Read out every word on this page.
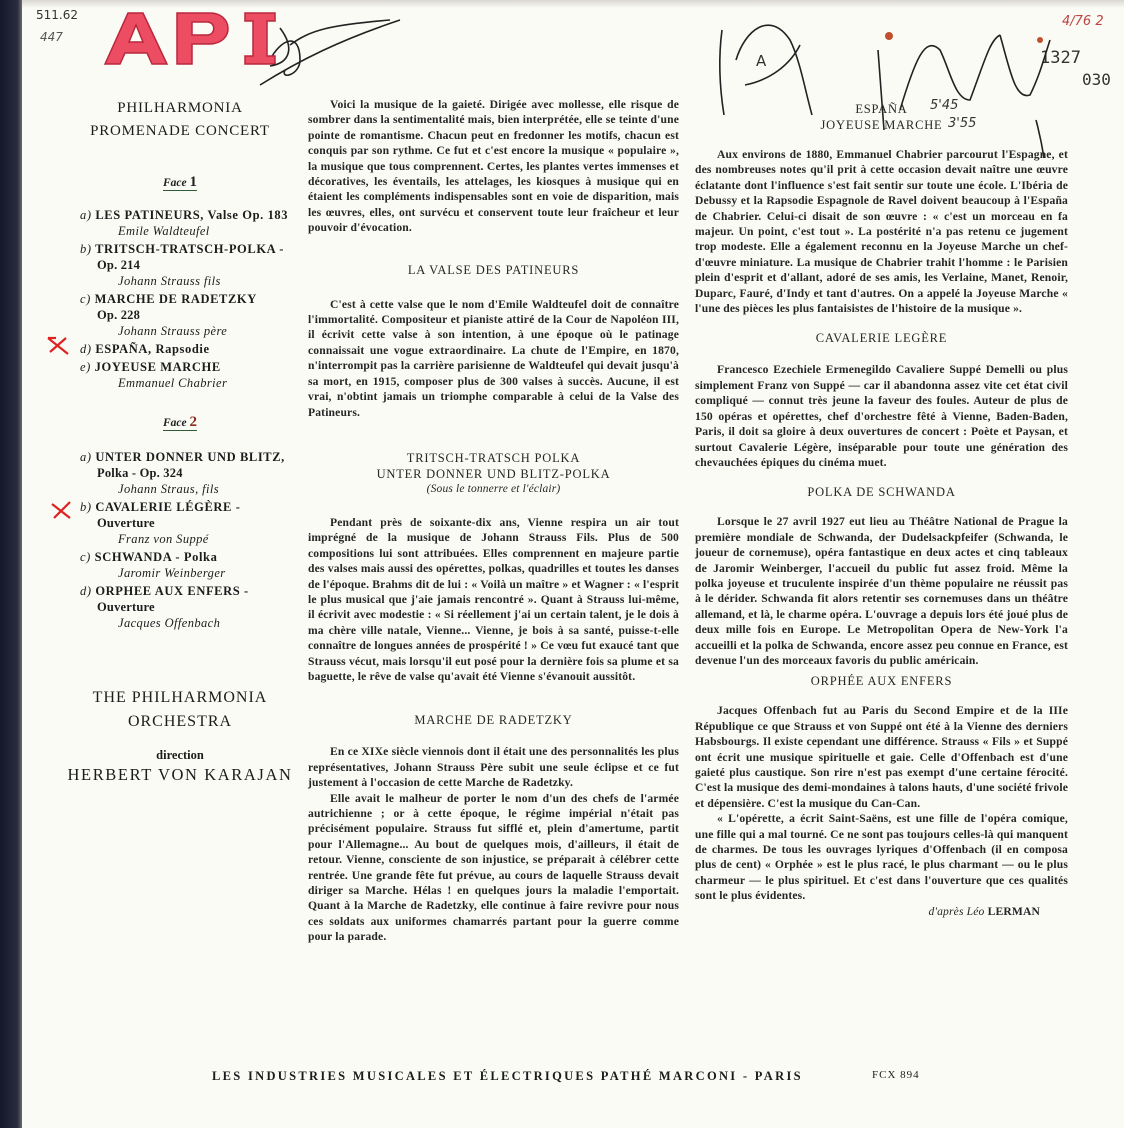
511.62
447
1327
030
4/76 2
A
5'45
3'55
PHILHARMONIA
PROMENADE CONCERT

Face 1

a) LES PATINEURS, Valse Op. 183
Emile Waldteufel
b) TRITSCH-TRATSCH-POLKA -
Op. 214
Johann Strauss fils
c) MARCHE DE RADETZKY
Op. 228
Johann Strauss père
d) ESPAÑA, Rapsodie
e) JOYEUSE MARCHE
Emmanuel Chabrier

Face 2

a) UNTER DONNER UND BLITZ,
Polka - Op. 324
Johann Straus, fils
b) CAVALERIE LÉGÈRE -
Ouverture
Franz von Suppé
c) SCHWANDA - Polka
Jaromir Weinberger
d) ORPHEE AUX ENFERS -
Ouverture
Jacques Offenbach
THE PHILHARMONIA
ORCHESTRA
direction
HERBERT VON KARAJAN

Voici la musique de la gaieté. Dirigée avec mollesse, elle risque de sombrer dans la sentimentalité mais, bien interprétée, elle se teinte d'une pointe de romantisme. Chacun peut en fredonner les motifs, chacun est conquis par son rythme. Ce fut et c'est encore la musique « populaire », la musique que tous comprennent. Certes, les plantes vertes immenses et décoratives, les éventails, les attelages, les kiosques à musique qui en étaient les compléments indispensables sont en voie de disparition, mais les œuvres, elles, ont survécu et conservent toute leur fraîcheur et leur pouvoir d'évocation.

LA VALSE DES PATINEURS

C'est à cette valse que le nom d'Emile Waldteufel doit de connaître l'immortalité. Compositeur et pianiste attiré de la Cour de Napoléon III, il écrivit cette valse à son intention, à une époque où le patinage connaissait une vogue extraordinaire. La chute de l'Empire, en 1870, n'interrompit pas la carrière parisienne de Waldteufel qui devait jusqu'à sa mort, en 1915, composer plus de 300 valses à succès. Aucune, il est vrai, n'obtint jamais un triomphe comparable à celui de la Valse des Patineurs.

TRITSCH-TRATSCH POLKA
UNTER DONNER UND BLITZ-POLKA
(Sous le tonnerre et l'éclair)

Pendant près de soixante-dix ans, Vienne respira un air tout imprégné de la musique de Johann Strauss Fils. Plus de 500 compositions lui sont attribuées. Elles comprennent en majeure partie des valses mais aussi des opérettes, polkas, quadrilles et toutes les danses de l'époque. Brahms dit de lui : « Voilà un maître » et Wagner : « l'esprit le plus musical que j'aie jamais rencontré ». Quant à Strauss lui-même, il écrivit avec modestie : « Si réellement j'ai un certain talent, je le dois à ma chère ville natale, Vienne... Vienne, je bois à sa santé, puisse-t-elle connaître de longues années de prospérité ! » Ce vœu fut exaucé tant que Strauss vécut, mais lorsqu'il eut posé pour la dernière fois sa plume et sa baguette, le rêve de valse qu'avait été Vienne s'évanouit aussitôt.

MARCHE DE RADETZKY

En ce XIXe siècle viennois dont il était une des personnalités les plus représentatives, Johann Strauss Père subit une seule éclipse et ce fut justement à l'occasion de cette Marche de Radetzky.

Elle avait le malheur de porter le nom d'un des chefs de l'armée autrichienne ; or à cette époque, le régime impérial n'était pas précisément populaire. Strauss fut sifflé et, plein d'amertume, partit pour l'Allemagne... Au bout de quelques mois, d'ailleurs, il était de retour. Vienne, consciente de son injustice, se préparait à célébrer cette rentrée. Une grande fête fut prévue, au cours de laquelle Strauss devait diriger sa Marche. Hélas ! en quelques jours la maladie l'emportait. Quant à la Marche de Radetzky, elle continue à faire revivre pour nous ces soldats aux uniformes chamarrés partant pour la guerre comme pour la parade.

ESPAÑA
JOYEUSE MARCHE

Aux environs de 1880, Emmanuel Chabrier parcourut l'Espagne, et des nombreuses notes qu'il prit à cette occasion devait naître une œuvre éclatante dont l'influence s'est fait sentir sur toute une école. L'Ibéria de Debussy et la Rapsodie Espagnole de Ravel doivent beaucoup à l'España de Chabrier. Celui-ci disait de son œuvre : « c'est un morceau en fa majeur. Un point, c'est tout ». La postérité n'a pas retenu ce jugement trop modeste. Elle a également reconnu en la Joyeuse Marche un chef-d'œuvre miniature. La musique de Chabrier trahit l'homme : le Parisien plein d'esprit et d'allant, adoré de ses amis, les Verlaine, Manet, Renoir, Duparc, Fauré, d'Indy et tant d'autres. On a appelé la Joyeuse Marche « l'une des pièces les plus fantaisistes de l'histoire de la musique ».

CAVALERIE LEGÈRE

Francesco Ezechiele Ermenegildo Cavaliere Suppé Demelli ou plus simplement Franz von Suppé — car il abandonna assez vite cet état civil compliqué — connut très jeune la faveur des foules. Auteur de plus de 150 opéras et opérettes, chef d'orchestre fêté à Vienne, Baden-Baden, Paris, il doit sa gloire à deux ouvertures de concert : Poète et Paysan, et surtout Cavalerie Légère, inséparable pour toute une génération des chevauchées épiques du cinéma muet.

POLKA DE SCHWANDA

Lorsque le 27 avril 1927 eut lieu au Théâtre National de Prague la première mondiale de Schwanda, der Dudelsackpfeifer (Schwanda, le joueur de cornemuse), opéra fantastique en deux actes et cinq tableaux de Jaromir Weinberger, l'accueil du public fut assez froid. Même la polka joyeuse et truculente inspirée d'un thème populaire ne réussit pas à le dérider. Schwanda fit alors retentir ses cornemuses dans un théâtre allemand, et là, le charme opéra. L'ouvrage a depuis lors été joué plus de deux mille fois en Europe. Le Metropolitan Opera de New-York l'a accueilli et la polka de Schwanda, encore assez peu connue en France, est devenue l'un des morceaux favoris du public américain.

ORPHÉE AUX ENFERS

Jacques Offenbach fut au Paris du Second Empire et de la IIIe République ce que Strauss et von Suppé ont été à la Vienne des derniers Habsbourgs. Il existe cependant une différence. Strauss « Fils » et Suppé ont écrit une musique spirituelle et gaie. Celle d'Offenbach est d'une gaieté plus caustique. Son rire n'est pas exempt d'une certaine férocité. C'est la musique des demi-mondaines à talons hauts, d'une société frivole et dépensière. C'est la musique du Can-Can.

« L'opérette, a écrit Saint-Saëns, est une fille de l'opéra comique, une fille qui a mal tourné. Ce ne sont pas toujours celles-là qui manquent de charmes. De tous les ouvrages lyriques d'Offenbach (il en composa plus de cent) « Orphée » est le plus racé, le plus charmant — ou le plus charmeur — le plus spirituel. Et c'est dans l'ouverture que ces qualités sont le plus évidentes.

d'après Léo LERMAN
LES INDUSTRIES MUSICALES ET ÉLECTRIQUES PATHÉ MARCONI - PARIS	FCX 894
